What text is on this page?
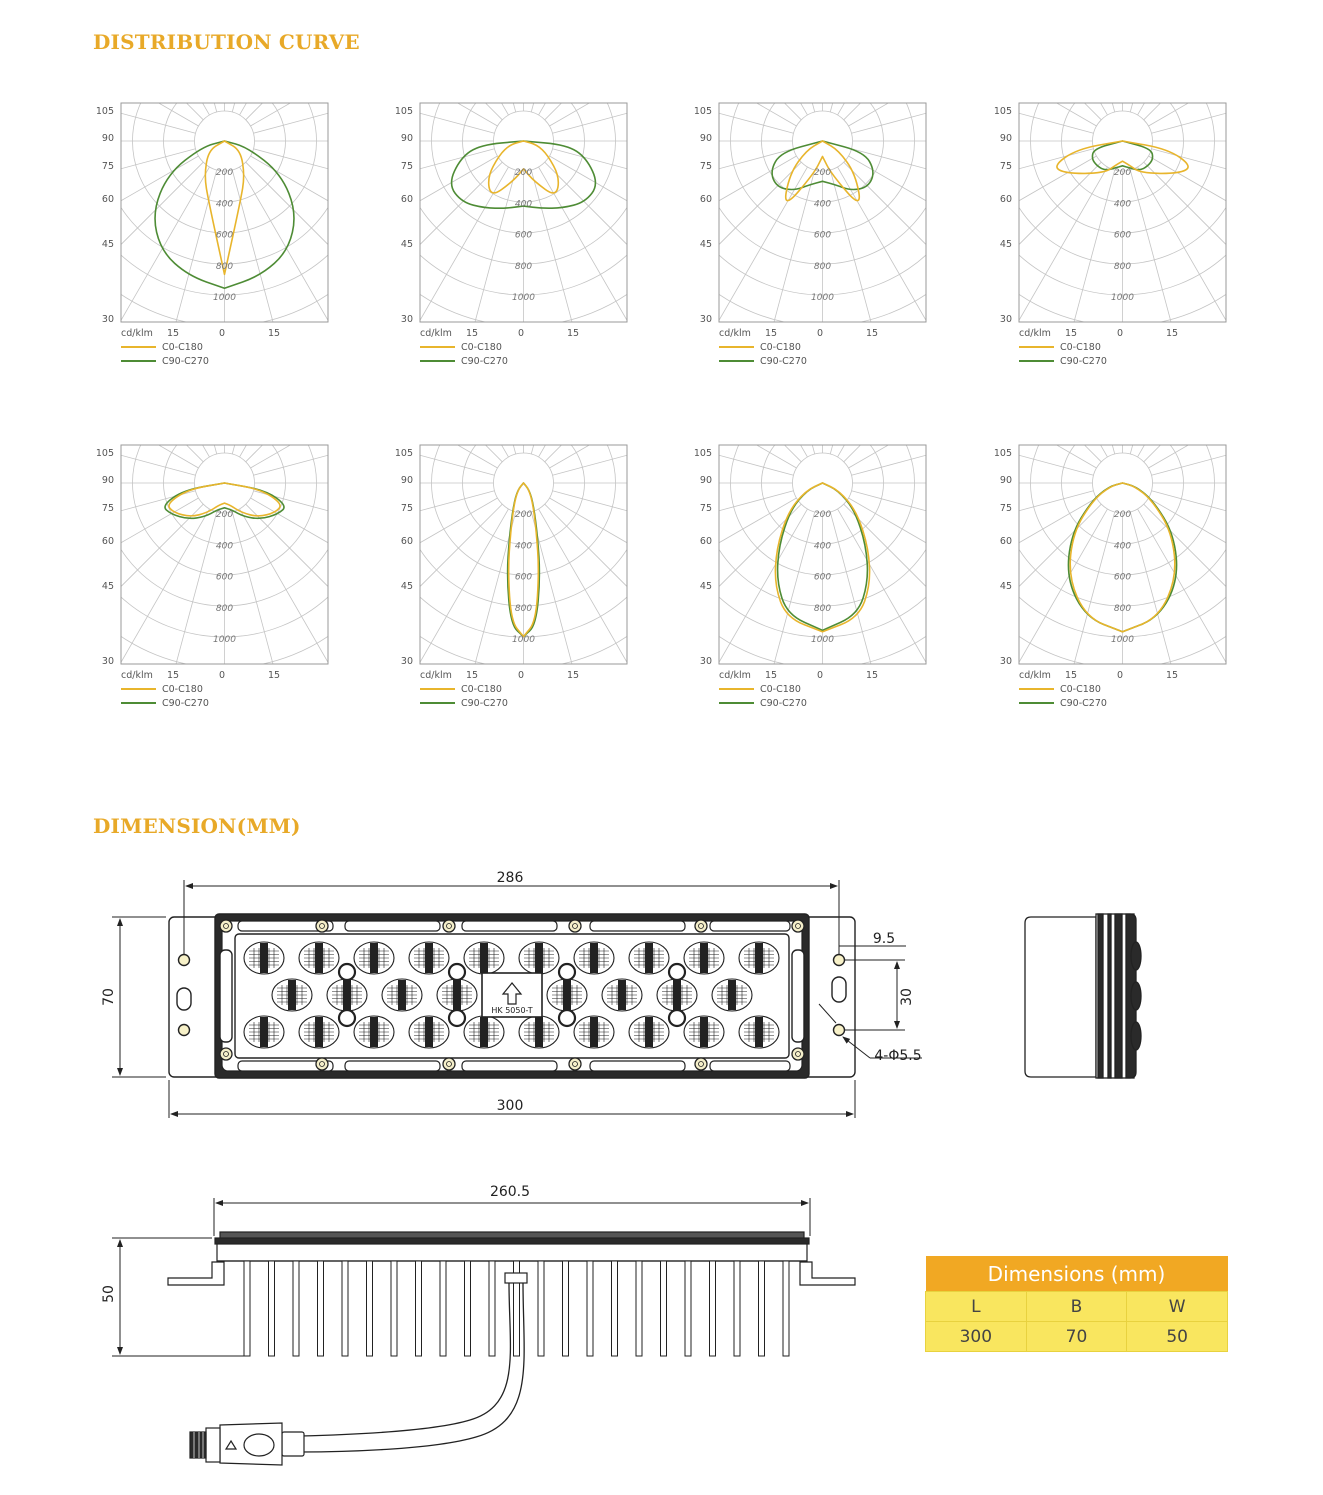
DISTRIBUTION CURVE
200
400
600
800
1000
105
90
75
60
45
30
cd/klm 15	0	15
C0-C180
C90-C270
200
400
600
800
1000
105
90
75
60
45
30
cd/klm 15	0	15
C0-C180
C90-C270
200
400
600
800
1000
105
90
75
60
45
30
cd/klm 15	0	15
C0-C180
C90-C270
200
400
600
800
1000
105
90
75
60
45
30
cd/klm 15	0	15
C0-C180
C90-C270
200
400
600
800
1000
105
90
75
60
45
30
cd/klm 15	0	15
C0-C180
C90-C270
200
400
600
800
1000
105
90
75
60
45
30
cd/klm 15	0	15
C0-C180
C90-C270
200
400
600
800
1000
105
90
75
60
45
30
cd/klm 15	0	15
C0-C180
C90-C270
200
400
600
800
1000
105
90
75
60
45
30
cd/klm 15	0	15
C0-C180
C90-C270
DIMENSION(MM)
HK 5050-T
286
300
70
9.5
30
4-Φ5.5
260.5
50
Dimensions (mm)		
L	B	W
300	70	50
